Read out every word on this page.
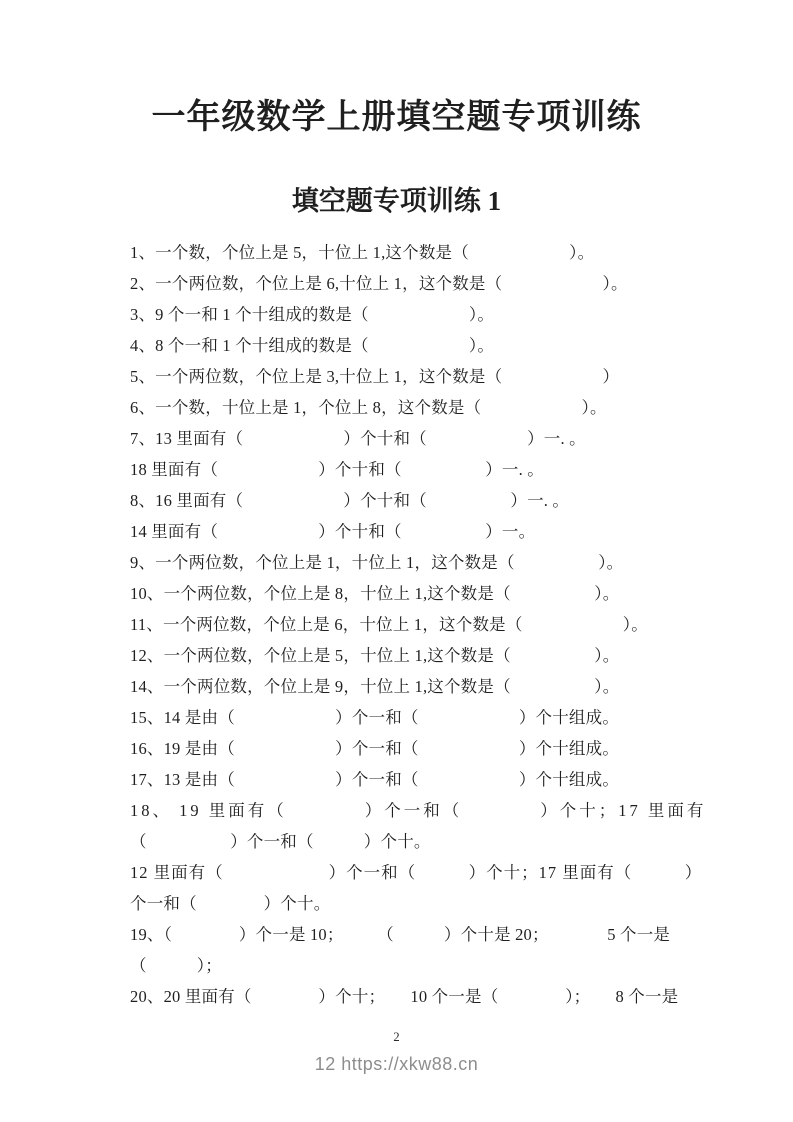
一年级数学上册填空题专项训练
填空题专项训练 1

1、一个数，个位上是 5，十位上 1,这个数是（　　　　　　）。

2、一个两位数，个位上是 6,十位上 1，这个数是（　　　　　　）。

3、9 个一和 1 个十组成的数是（　　　　　　）。

4、8 个一和 1 个十组成的数是（　　　　　　）。

5、一个两位数，个位上是 3,十位上 1，这个数是（　　　　　　）

6、一个数，十位上是 1，个位上 8，这个数是（　　　　　　）。

7、13 里面有（　　　　　　）个十和（　　　　　　）一. 。

18 里面有（　　　　　　）个十和（　　　　　）一. 。

8、16 里面有（　　　　　　）个十和（　　　　　）一. 。

14 里面有（　　　　　　）个十和（　　　　　）一。

9、一个两位数，个位上是 1，十位上 1，这个数是（　　　　　）。

10、一个两位数，个位上是 8，十位上 1,这个数是（　　　　　）。

11、一个两位数，个位上是 6，十位上 1，这个数是（　　　　　　）。

12、一个两位数，个位上是 5，十位上 1,这个数是（　　　　　）。

14、一个两位数，个位上是 9，十位上 1,这个数是（　　　　　）。

15、14 是由（　　　　　　）个一和（　　　　　　）个十组成。

16、19 是由（　　　　　　）个一和（　　　　　　）个十组成。

17、13 是由（　　　　　　）个一和（　　　　　　）个十组成。

18、 19 里面有（　　　　）个一和（　　　　）个十；17 里面有

（　　　　　）个一和（　　　）个十。

12 里面有（　　　　　　）个一和（　　　）个十；17 里面有（　　　）

个一和（　　　　）个十。

19、（　　　　）个一是 10；　　　（　　　）个十是 20；　　　　5 个一是

（　　　）；

20、20 里面有（　　　　）个十；　　10 个一是（　　　　）；　　8 个一是

2
12 https://xkw88.cn
